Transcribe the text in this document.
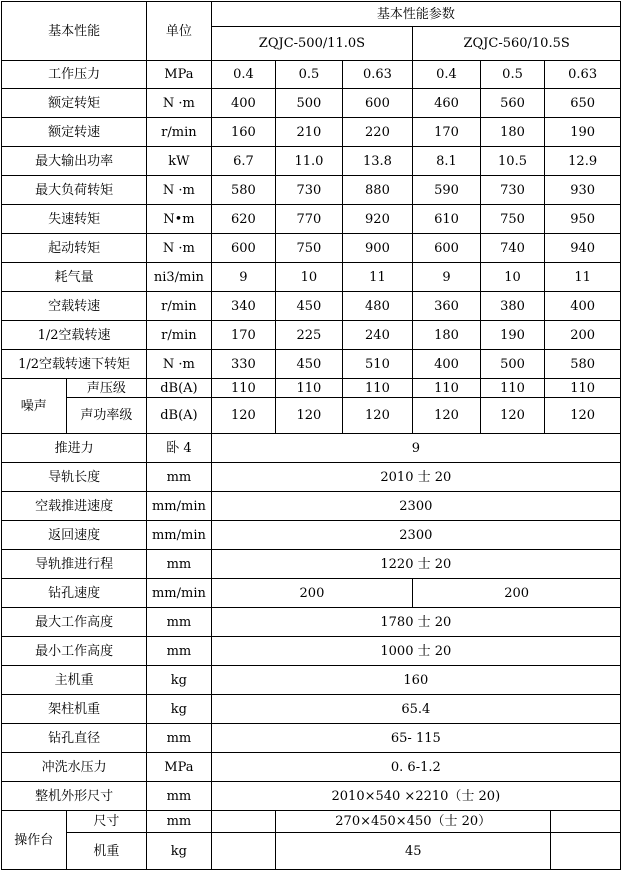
基本性能		单位	基本性能参数						
			ZQJC-500/11.0S			ZQJC-560/10.5S			
工作压力		MPa	0.4	0.5	0.63	0.4	0.5	0.63	
额定转矩		N ·m	400	500	600	460	560	650	
额定转速		r/min	160	210	220	170	180	190	
最大输出功率		kW	6.7	11.0	13.8	8.1	10.5	12.9	
最大负荷转矩		N ·m	580	730	880	590	730	930	
失速转矩		N•m	620	770	920	610	750	950	
起动转矩		N ·m	600	750	900	600	740	940	
耗气量		ni3/min	9	10	11	9	10	11	
空载转速		r/min	340	450	480	360	380	400	
1/2空载转速		r/min	170	225	240	180	190	200	
1/2空载转速下转矩		N ·m	330	450	510	400	500	580	
噪声	声压级	dB(A)	110	110	110	110	110	110	
	声功率级	dB(A)	120	120	120	120	120	120	
推进力		卧 4	9						
导轨长度		mm	2010 士 20						
空载推进速度		mm/min	2300						
返回速度		mm/min	2300						
导轨推进行程		mm	1220 士 20						
钻孔速度		mm/min	200			200			
最大工作高度		mm	1780 士 20						
最小工作高度		mm	1000 士 20						
主机重		kg	160						
架柱机重		kg	65.4						
钻孔直径		mm	65- 115						
冲洗水压力		MPa	0. 6-1.2						
整机外形尺寸		mm	2010×540 ×2210（士 20)						
操作台	尺寸	mm		270×450×450（士 20）					
	机重	kg		45					
